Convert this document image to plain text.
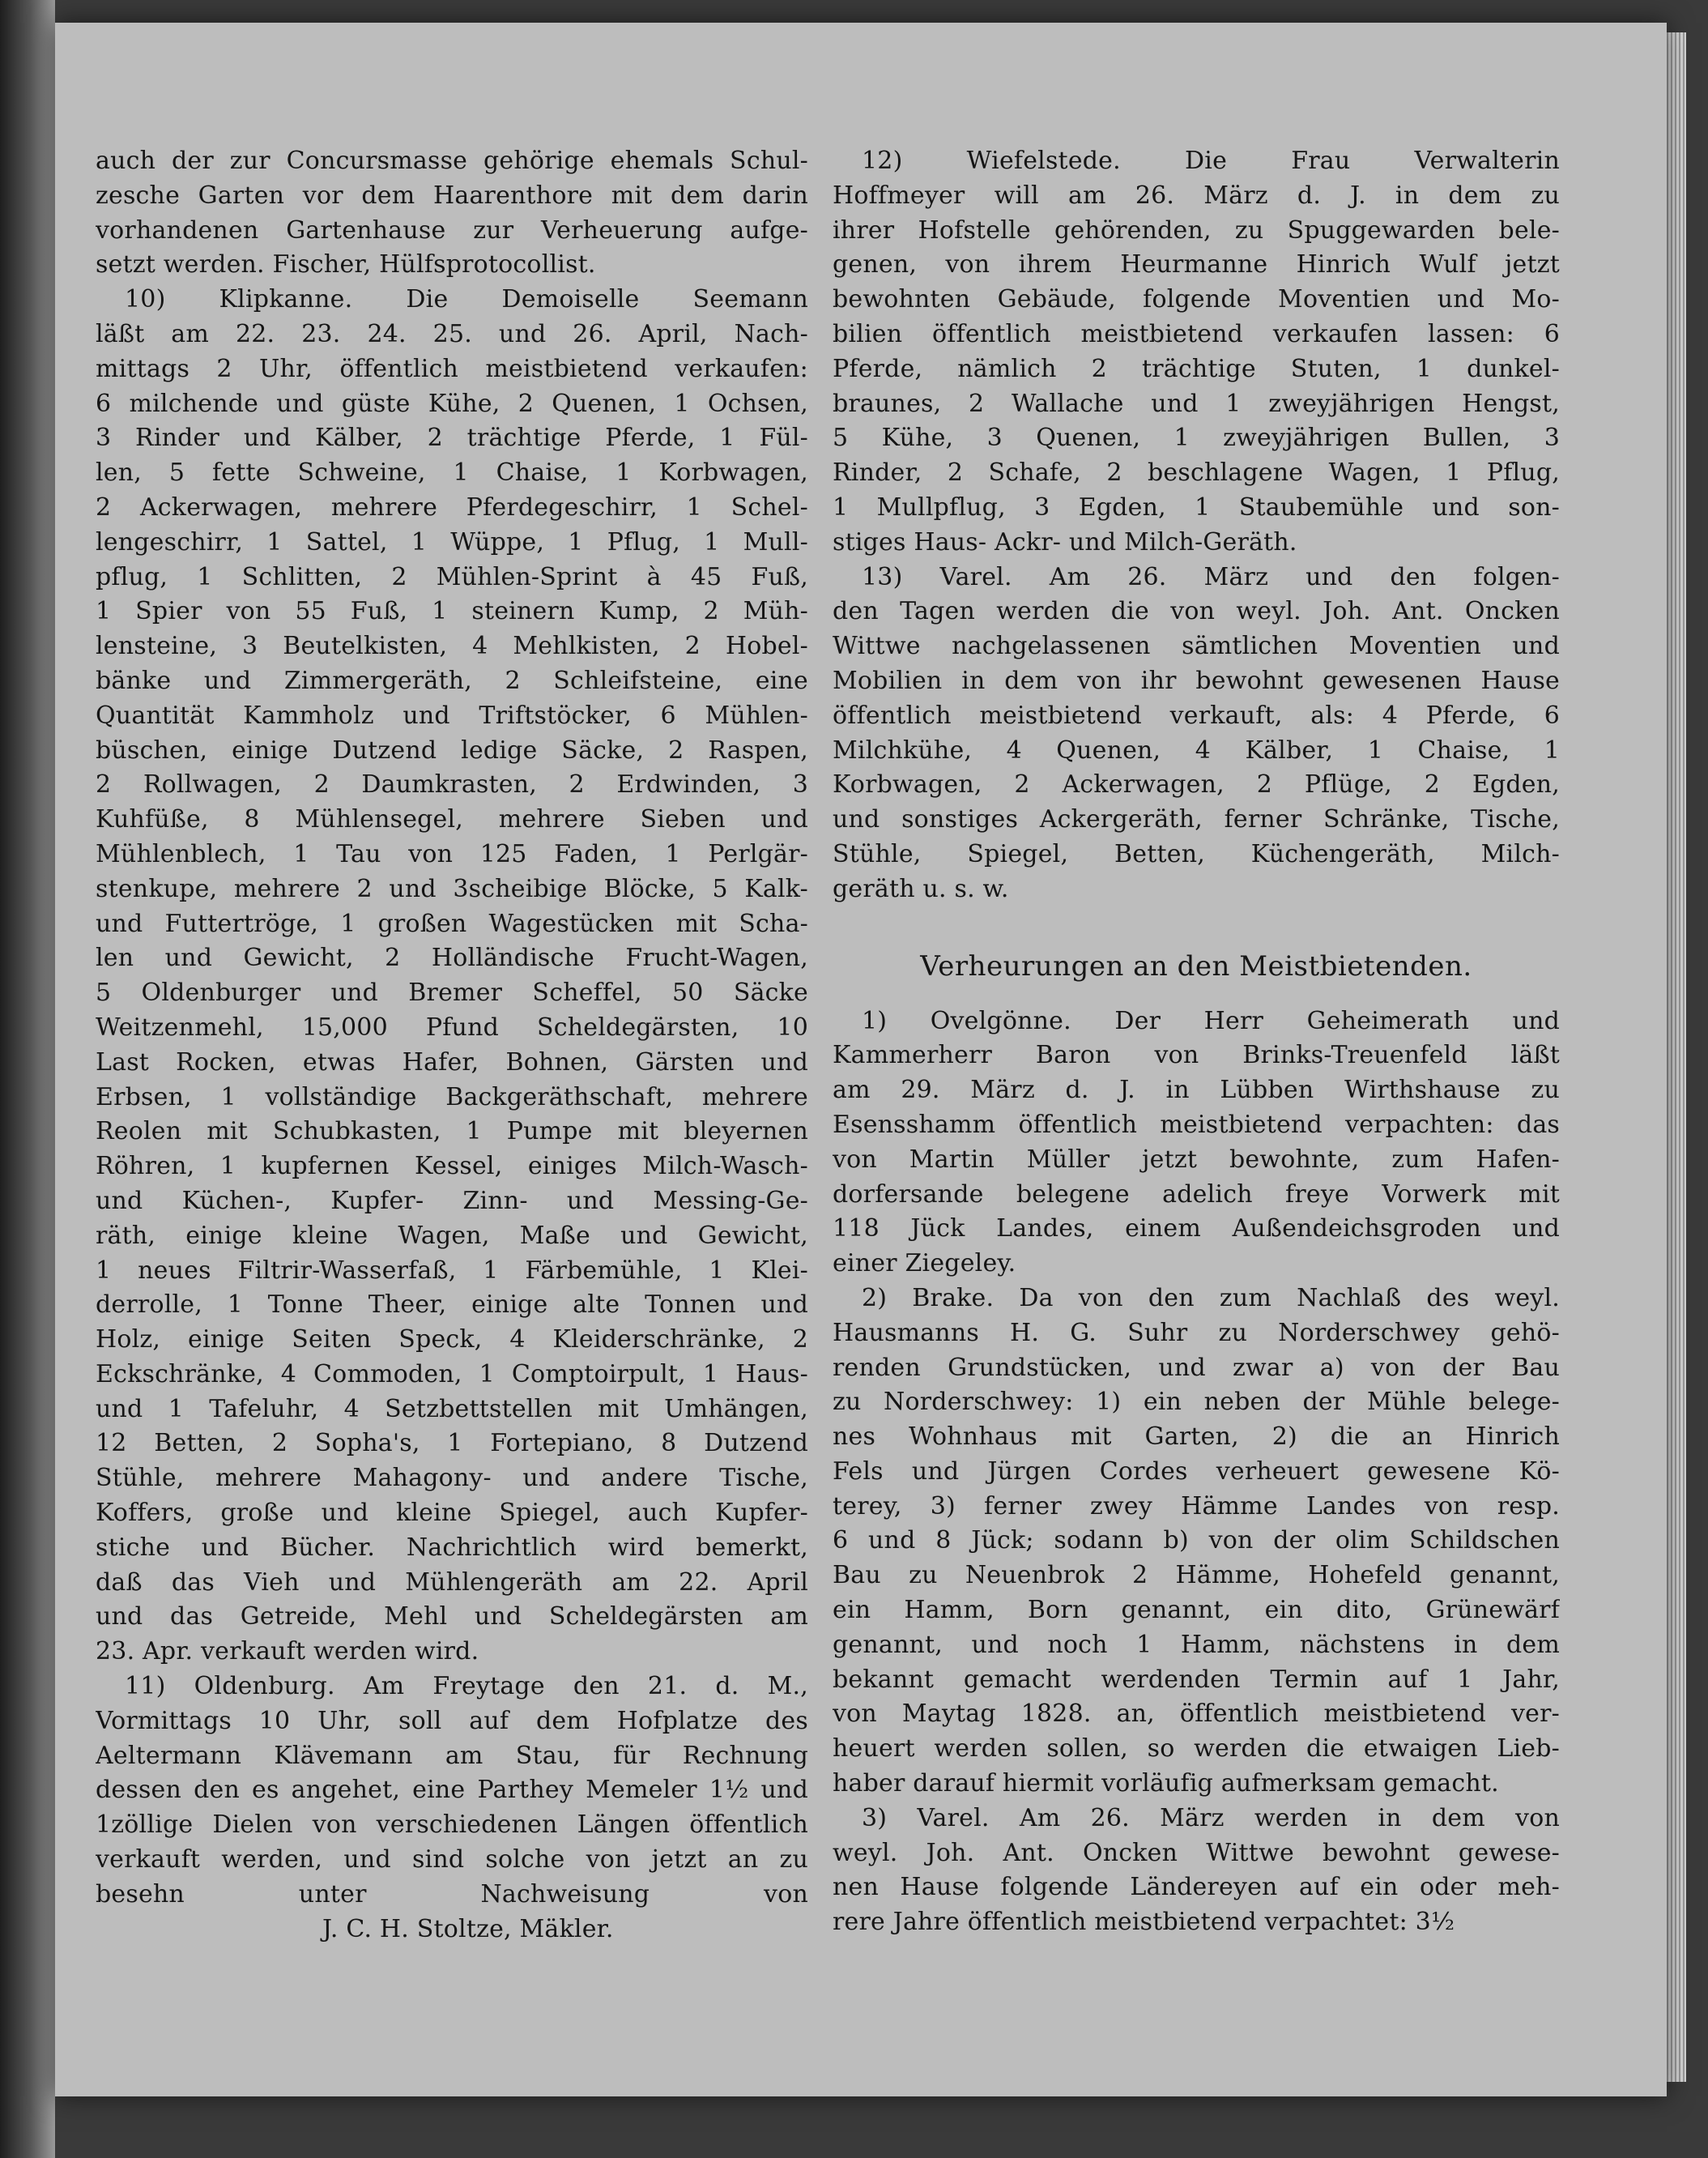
auch der zur Concursmasse gehörige ehemals Schul-
zesche Garten vor dem Haarenthore mit dem darin
vorhandenen Gartenhause zur Verheuerung aufge-
setzt werden. Fischer, Hülfsprotocollist.
10) Klipkanne. Die Demoiselle Seemann
läßt am 22. 23. 24. 25. und 26. April, Nach-
mittags 2 Uhr, öffentlich meistbietend verkaufen:
6 milchende und güste Kühe, 2 Quenen, 1 Ochsen,
3 Rinder und Kälber, 2 trächtige Pferde, 1 Fül-
len, 5 fette Schweine, 1 Chaise, 1 Korbwagen,
2 Ackerwagen, mehrere Pferdegeschirr, 1 Schel-
lengeschirr, 1 Sattel, 1 Wüppe, 1 Pflug, 1 Mull-
pflug, 1 Schlitten, 2 Mühlen-Sprint à 45 Fuß,
1 Spier von 55 Fuß, 1 steinern Kump, 2 Müh-
lensteine, 3 Beutelkisten, 4 Mehlkisten, 2 Hobel-
bänke und Zimmergeräth, 2 Schleifsteine, eine
Quantität Kammholz und Triftstöcker, 6 Mühlen-
büschen, einige Dutzend ledige Säcke, 2 Raspen,
2 Rollwagen, 2 Daumkrasten, 2 Erdwinden, 3
Kuhfüße, 8 Mühlensegel, mehrere Sieben und
Mühlenblech, 1 Tau von 125 Faden, 1 Perlgär-
stenkupe, mehrere 2 und 3scheibige Blöcke, 5 Kalk-
und Futtertröge, 1 großen Wagestücken mit Scha-
len und Gewicht, 2 Holländische Frucht-Wagen,
5 Oldenburger und Bremer Scheffel, 50 Säcke
Weitzenmehl, 15,000 Pfund Scheldegärsten, 10
Last Rocken, etwas Hafer, Bohnen, Gärsten und
Erbsen, 1 vollständige Backgeräthschaft, mehrere
Reolen mit Schubkasten, 1 Pumpe mit bleyernen
Röhren, 1 kupfernen Kessel, einiges Milch-Wasch-
und Küchen-, Kupfer- Zinn- und Messing-Ge-
räth, einige kleine Wagen, Maße und Gewicht,
1 neues Filtrir-Wasserfaß, 1 Färbemühle, 1 Klei-
derrolle, 1 Tonne Theer, einige alte Tonnen und
Holz, einige Seiten Speck, 4 Kleiderschränke, 2
Eckschränke, 4 Commoden, 1 Comptoirpult, 1 Haus-
und 1 Tafeluhr, 4 Setzbettstellen mit Umhängen,
12 Betten, 2 Sopha's, 1 Fortepiano, 8 Dutzend
Stühle, mehrere Mahagony- und andere Tische,
Koffers, große und kleine Spiegel, auch Kupfer-
stiche und Bücher. Nachrichtlich wird bemerkt,
daß das Vieh und Mühlengeräth am 22. April
und das Getreide, Mehl und Scheldegärsten am
23. Apr. verkauft werden wird.
11) Oldenburg. Am Freytage den 21. d. M.,
Vormittags 10 Uhr, soll auf dem Hofplatze des
Aeltermann Klävemann am Stau, für Rechnung
dessen den es angehet, eine Parthey Memeler 1½ und
1zöllige Dielen von verschiedenen Längen öffentlich
verkauft werden, und sind solche von jetzt an zu
besehn unter Nachweisung von
J. C. H. Stoltze, Mäkler.
12) Wiefelstede. Die Frau Verwalterin
Hoffmeyer will am 26. März d. J. in dem zu
ihrer Hofstelle gehörenden, zu Spuggewarden bele-
genen, von ihrem Heurmanne Hinrich Wulf jetzt
bewohnten Gebäude, folgende Moventien und Mo-
bilien öffentlich meistbietend verkaufen lassen: 6
Pferde, nämlich 2 trächtige Stuten, 1 dunkel-
braunes, 2 Wallache und 1 zweyjährigen Hengst,
5 Kühe, 3 Quenen, 1 zweyjährigen Bullen, 3
Rinder, 2 Schafe, 2 beschlagene Wagen, 1 Pflug,
1 Mullpflug, 3 Egden, 1 Staubemühle und son-
stiges Haus- Ackr- und Milch-Geräth.
13) Varel. Am 26. März und den folgen-
den Tagen werden die von weyl. Joh. Ant. Oncken
Wittwe nachgelassenen sämtlichen Moventien und
Mobilien in dem von ihr bewohnt gewesenen Hause
öffentlich meistbietend verkauft, als: 4 Pferde, 6
Milchkühe, 4 Quenen, 4 Kälber, 1 Chaise, 1
Korbwagen, 2 Ackerwagen, 2 Pflüge, 2 Egden,
und sonstiges Ackergeräth, ferner Schränke, Tische,
Stühle, Spiegel, Betten, Küchengeräth, Milch-
geräth u. s. w.
Verheurungen an den Meistbietenden.
1) Ovelgönne. Der Herr Geheimerath und
Kammerherr Baron von Brinks-Treuenfeld läßt
am 29. März d. J. in Lübben Wirthshause zu
Esensshamm öffentlich meistbietend verpachten: das
von Martin Müller jetzt bewohnte, zum Hafen-
dorfersande belegene adelich freye Vorwerk mit
118 Jück Landes, einem Außendeichsgroden und
einer Ziegeley.
2) Brake. Da von den zum Nachlaß des weyl.
Hausmanns H. G. Suhr zu Norderschwey gehö-
renden Grundstücken, und zwar a) von der Bau
zu Norderschwey: 1) ein neben der Mühle belege-
nes Wohnhaus mit Garten, 2) die an Hinrich
Fels und Jürgen Cordes verheuert gewesene Kö-
terey, 3) ferner zwey Hämme Landes von resp.
6 und 8 Jück; sodann b) von der olim Schildschen
Bau zu Neuenbrok 2 Hämme, Hohefeld genannt,
ein Hamm, Born genannt, ein dito, Grünewärf
genannt, und noch 1 Hamm, nächstens in dem
bekannt gemacht werdenden Termin auf 1 Jahr,
von Maytag 1828. an, öffentlich meistbietend ver-
heuert werden sollen, so werden die etwaigen Lieb-
haber darauf hiermit vorläufig aufmerksam gemacht.
3) Varel. Am 26. März werden in dem von
weyl. Joh. Ant. Oncken Wittwe bewohnt gewese-
nen Hause folgende Ländereyen auf ein oder meh-
rere Jahre öffentlich meistbietend verpachtet: 3½
